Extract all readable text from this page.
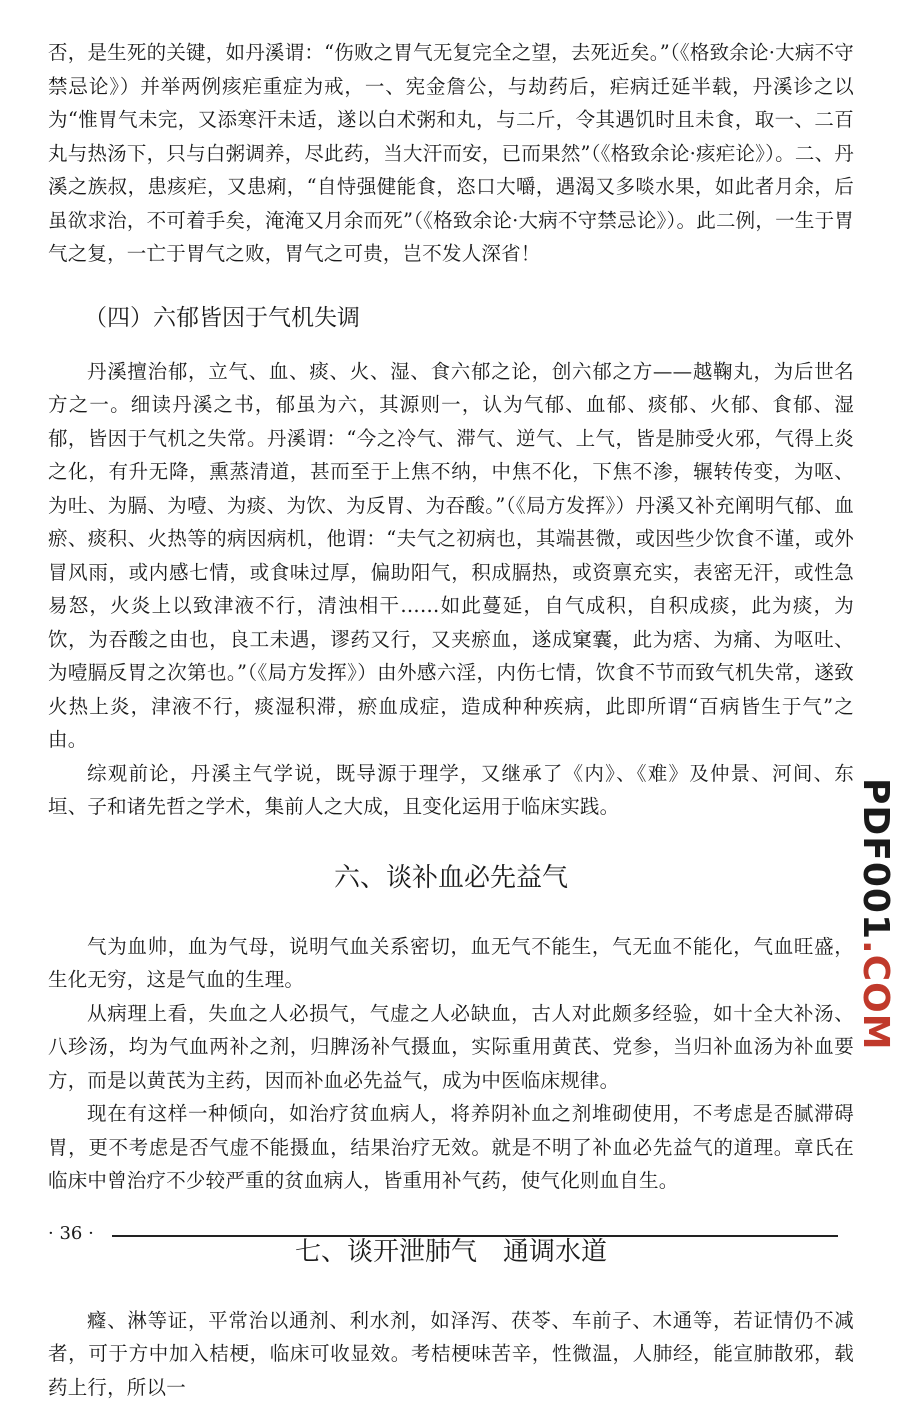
否，是生死的关键，如丹溪谓：“伤败之胃气无复完全之望，去死近矣。”（《格致余论·大病不守禁忌论》）并举两例痎疟重症为戒，一、宪金詹公，与劫药后，疟病迁延半载，丹溪诊之以为“惟胃气未完，又添寒汗未适，遂以白术粥和丸，与二斤，令其遇饥时且未食，取一、二百丸与热汤下，只与白粥调养，尽此药，当大汗而安，已而果然”（《格致余论·痎疟论》）。二、丹溪之族叔，患痎疟，又患痢，“自恃强健能食，恣口大嚼，遇渴又多啖水果，如此者月余，后虽欲求治，不可着手矣，淹淹又月余而死”（《格致余论·大病不守禁忌论》）。此二例，一生于胃气之复，一亡于胃气之败，胃气之可贵，岂不发人深省！

（四）六郁皆因于气机失调

丹溪擅治郁，立气、血、痰、火、湿、食六郁之论，创六郁之方——越鞠丸，为后世名方之一。细读丹溪之书，郁虽为六，其源则一，认为气郁、血郁、痰郁、火郁、食郁、湿郁，皆因于气机之失常。丹溪谓：“今之冷气、滞气、逆气、上气，皆是肺受火邪，气得上炎之化，有升无降，熏蒸清道，甚而至于上焦不纳，中焦不化，下焦不渗，辗转传变，为呕、为吐、为膈、为噎、为痰、为饮、为反胃、为吞酸。”（《局方发挥》）丹溪又补充阐明气郁、血瘀、痰积、火热等的病因病机，他谓：“夫气之初病也，其端甚微，或因些少饮食不谨，或外冒风雨，或内感七情，或食味过厚，偏助阳气，积成膈热，或资禀充实，表密无汗，或性急易怒，火炎上以致津液不行，清浊相干……如此蔓延，自气成积，自积成痰，此为痰，为饮，为吞酸之由也，良工未遇，谬药又行，又夹瘀血，遂成窠囊，此为痞、为痛、为呕吐、为噎膈反胃之次第也。”（《局方发挥》）由外感六淫，内伤七情，饮食不节而致气机失常，遂致火热上炎，津液不行，痰湿积滞，瘀血成症，造成种种疾病，此即所谓“百病皆生于气”之由。

综观前论，丹溪主气学说，既导源于理学，又继承了《内》、《难》及仲景、河间、东垣、子和诸先哲之学术，集前人之大成，且变化运用于临床实践。

六、谈补血必先益气

气为血帅，血为气母，说明气血关系密切，血无气不能生，气无血不能化，气血旺盛，生化无穷，这是气血的生理。

从病理上看，失血之人必损气，气虚之人必缺血，古人对此颇多经验，如十全大补汤、八珍汤，均为气血两补之剂，归脾汤补气摄血，实际重用黄芪、党参，当归补血汤为补血要方，而是以黄芪为主药，因而补血必先益气，成为中医临床规律。

现在有这样一种倾向，如治疗贫血病人，将养阴补血之剂堆砌使用，不考虑是否腻滞碍胃，更不考虑是否气虚不能摄血，结果治疗无效。就是不明了补血必先益气的道理。章氏在临床中曾治疗不少较严重的贫血病人，皆重用补气药，使气化则血自生。

七、谈开泄肺气　通调水道

癃、淋等证，平常治以通剂、利水剂，如泽泻、茯苓、车前子、木通等，若证情仍不减者，可于方中加入桔梗，临床可收显效。考桔梗味苦辛，性微温，人肺经，能宣肺散邪，载药上行，所以一

PDF001.COM
· 36 ·
